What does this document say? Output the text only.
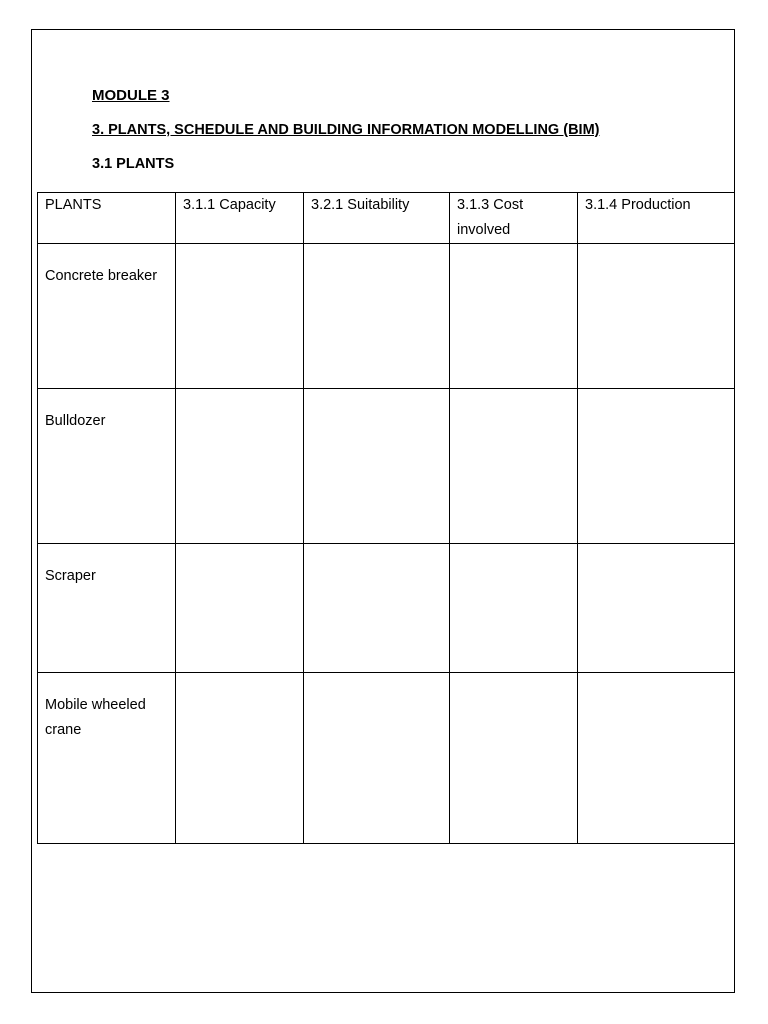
MODULE 3
3. PLANTS, SCHEDULE AND BUILDING INFORMATION MODELLING (BIM)
3.1 PLANTS
PLANTS	3.1.1 Capacity	3.2.1 Suitability	3.1.3 Cost involved	3.1.4 Production
Concrete breaker				
Bulldozer				
Scraper				
Mobile wheeled crane				
